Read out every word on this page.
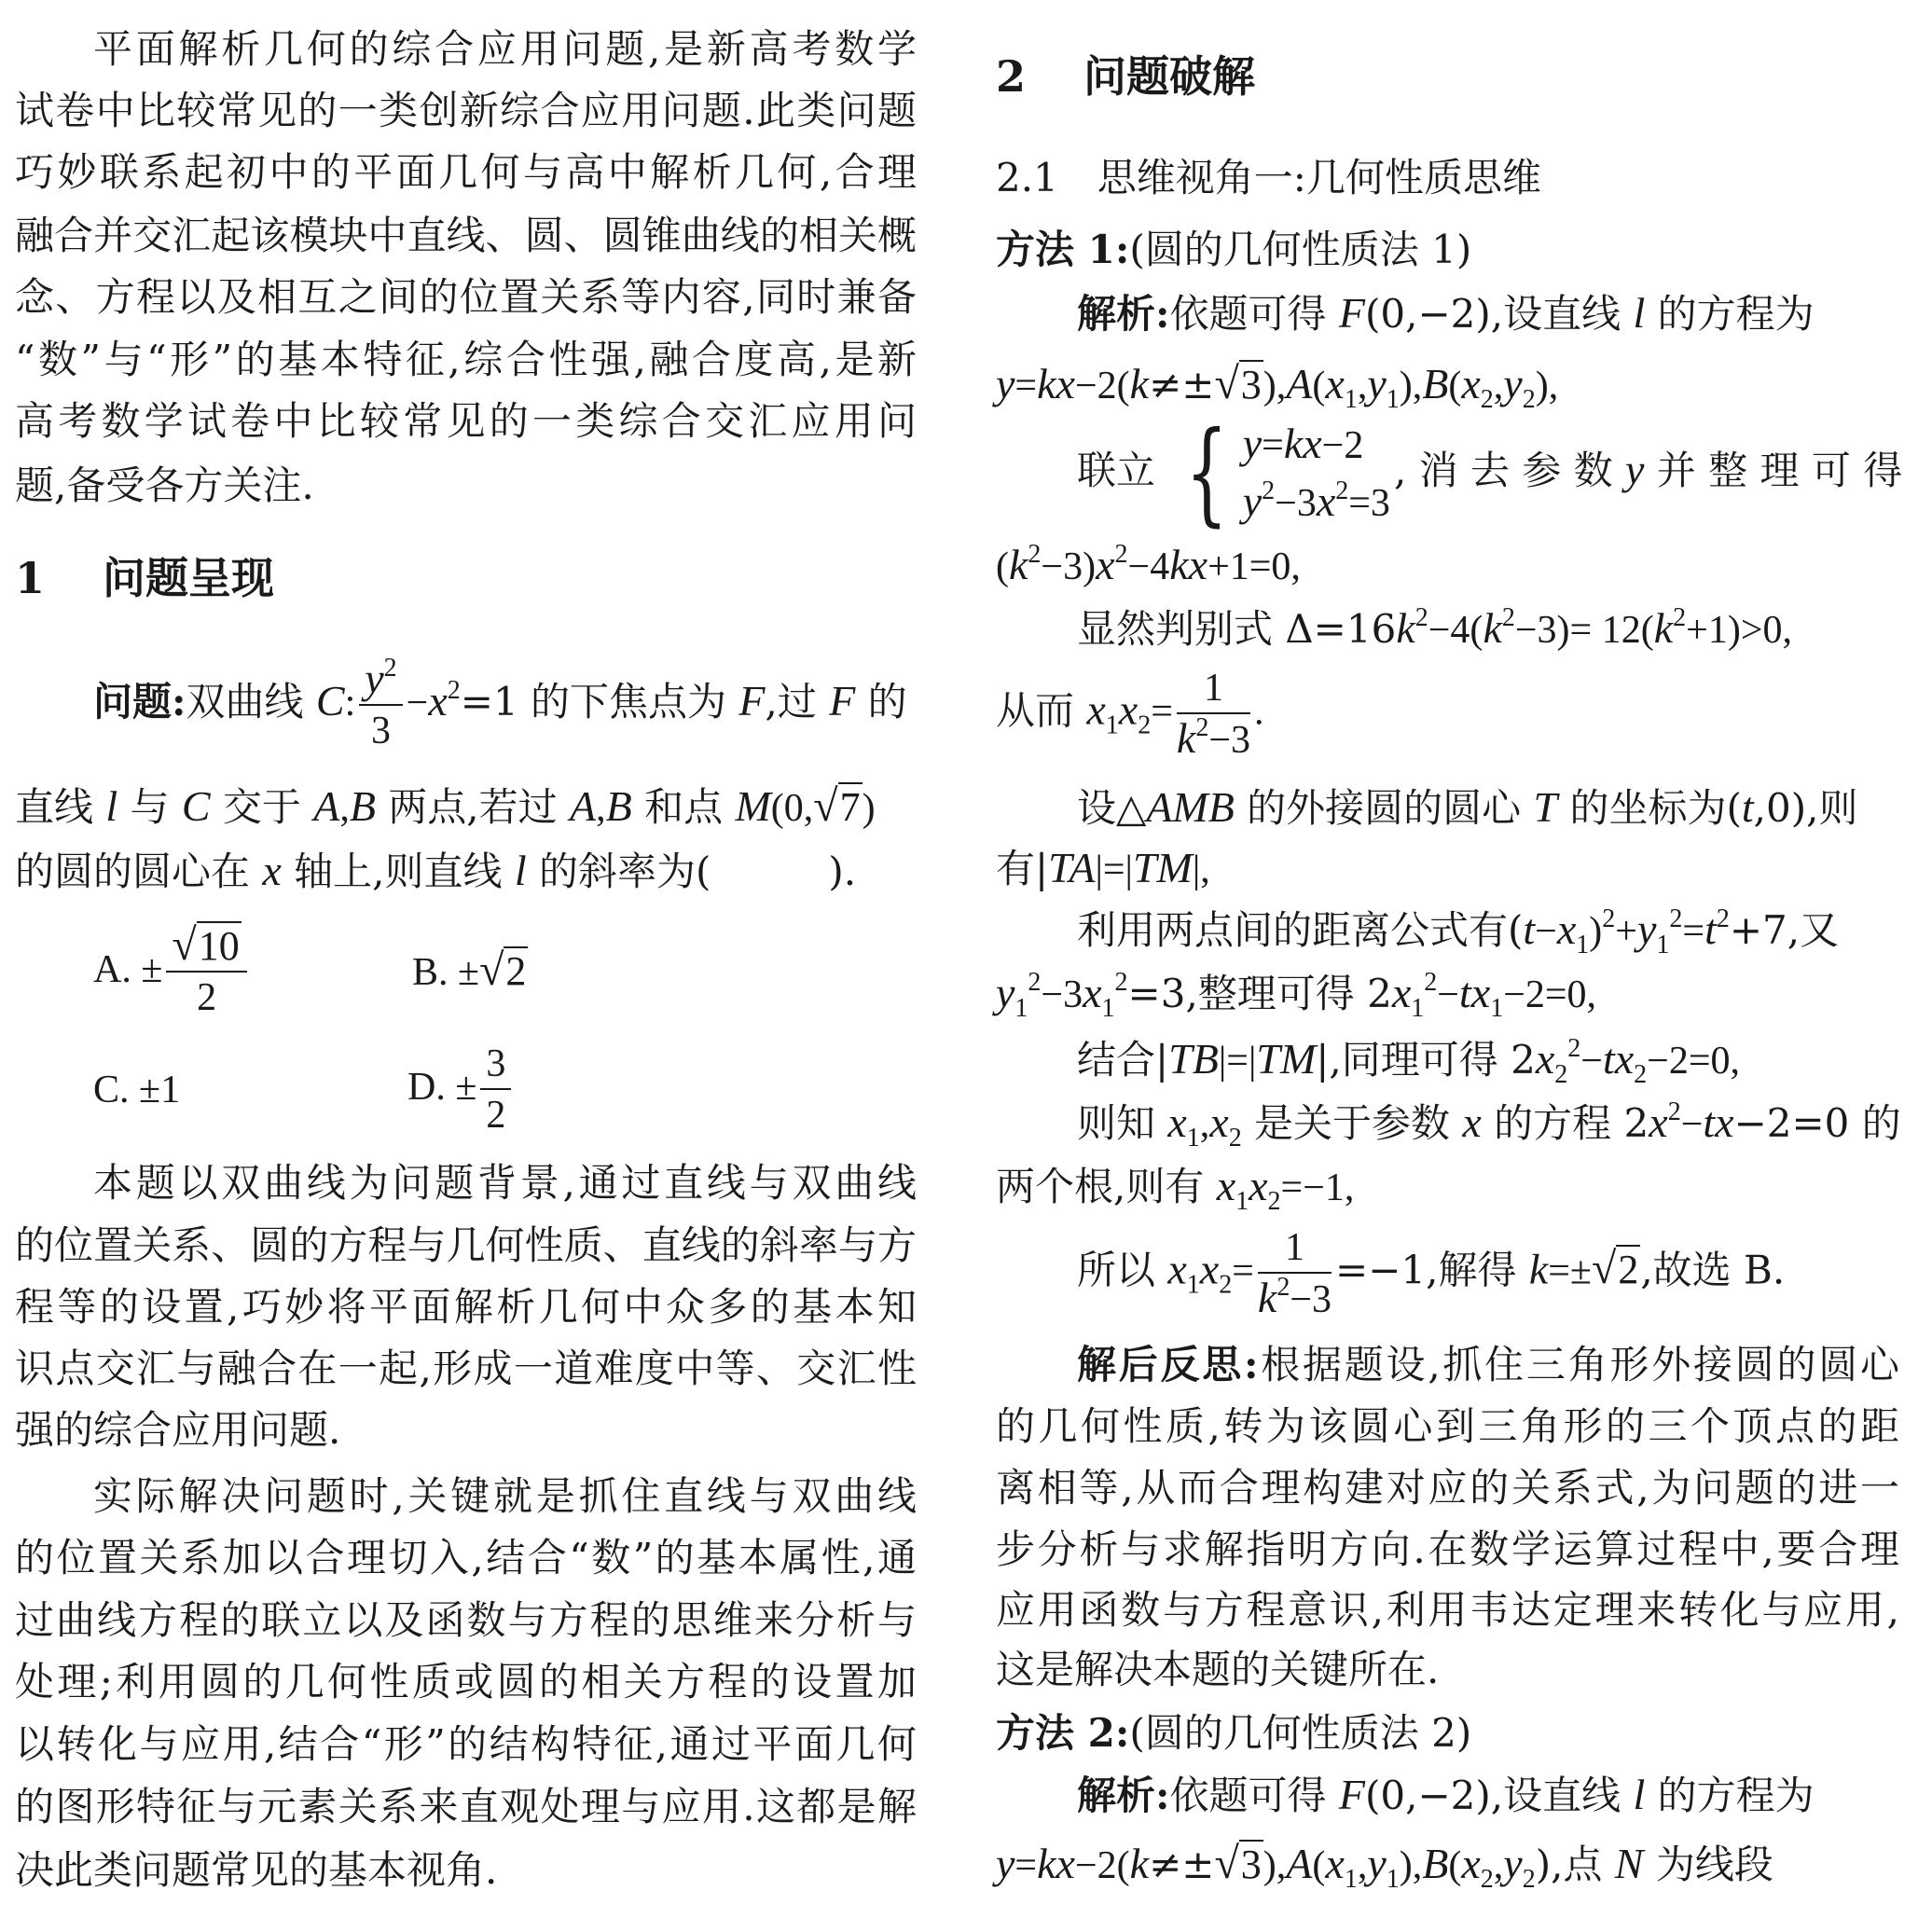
平面解析几何的综合应用问题,是新高考数学
试卷中比较常见的一类创新综合应用问题.此类问题
巧妙联系起初中的平面几何与高中解析几何,合理
融合并交汇起该模块中直线、圆、圆锥曲线的相关概
念、方程以及相互之间的位置关系等内容,同时兼备
“数”与“形”的基本特征,综合性强,融合度高,是新
高考数学试卷中比较常见的一类综合交汇应用问
题,备受各方关注.
1　 问题呈现
问题:双曲线 C: $\frac{y^2}{3} -x^2=1$ 的下焦点为 F,过 F 的
直线 l 与 C 交于 A,B 两点,若过 A,B 和点 M(0,√7)
的圆的圆心在 x 轴上,则直线 l 的斜率为(　　　).
A. ± $\frac{√10}{2}$	B. ±√2
C. ±1	D. ± $\frac{3}{2}$
本题以双曲线为问题背景,通过直线与双曲线
的位置关系、圆的方程与几何性质、直线的斜率与方
程等的设置,巧妙将平面解析几何中众多的基本知
识点交汇与融合在一起,形成一道难度中等、交汇性
强的综合应用问题.
实际解决问题时,关键就是抓住直线与双曲线
的位置关系加以合理切入,结合“数”的基本属性,通
过曲线方程的联立以及函数与方程的思维来分析与
处理;利用圆的几何性质或圆的相关方程的设置加
以转化与应用,结合“形”的结构特征,通过平面几何
的图形特征与元素关系来直观处理与应用.这都是解
决此类问题常见的基本视角.
2　 问题破解
2.1　思维视角一:几何性质思维
方法 1:(圆的几何性质法 1)
解析:依题可得 F(0,−2),设直线 l 的方程为
$y=kx-2(k\ne\pm√3),A(x_1,y_1),B(x_2,y_2)$,
联立 { y=kx−2
$y^2-3x^2=3$
, 消 去 参 数 y 并 整 理 可 得
$(k^2-3)x^2-4kx+1=0$,
显然判别式 $\Delta=16k^2-4(k^2-3)= 12(k^2+1)>0$,
从而 $x_1x_2= \frac{1}{k^2-3}$ .
设△AMB 的外接圆的圆心 T 的坐标为(t,0),则
有|TA|=|TM|,
利用两点间的距离公式有$(t-x_1)^2+y_1^2=t^2+7$,又
$y_1^2-3x_1^2=3$,整理可得 $2x_1^2-tx_1-2=0$,
结合|TB|=|TM|,同理可得 $2x_2^2-tx_2-2=0$,
则知 $x_1,x_2$ 是关于参数 x 的方程 $2x^2-tx-2=0$ 的
两个根,则有 $x_1x_2=-1$,
所以 $x_1x_2= \frac{1}{k^2-3} =-1$,解得 k=±√2,故选 B.
解后反思:根据题设,抓住三角形外接圆的圆心
的几何性质,转为该圆心到三角形的三个顶点的距
离相等,从而合理构建对应的关系式,为问题的进一
步分析与求解指明方向.在数学运算过程中,要合理
应用函数与方程意识,利用韦达定理来转化与应用,
这是解决本题的关键所在.
方法 2:(圆的几何性质法 2)
解析:依题可得 F(0,−2),设直线 l 的方程为
$y=kx-2(k\ne\pm√3),A(x_1,y_1),B(x_2,y_2)$,点 N 为线段
